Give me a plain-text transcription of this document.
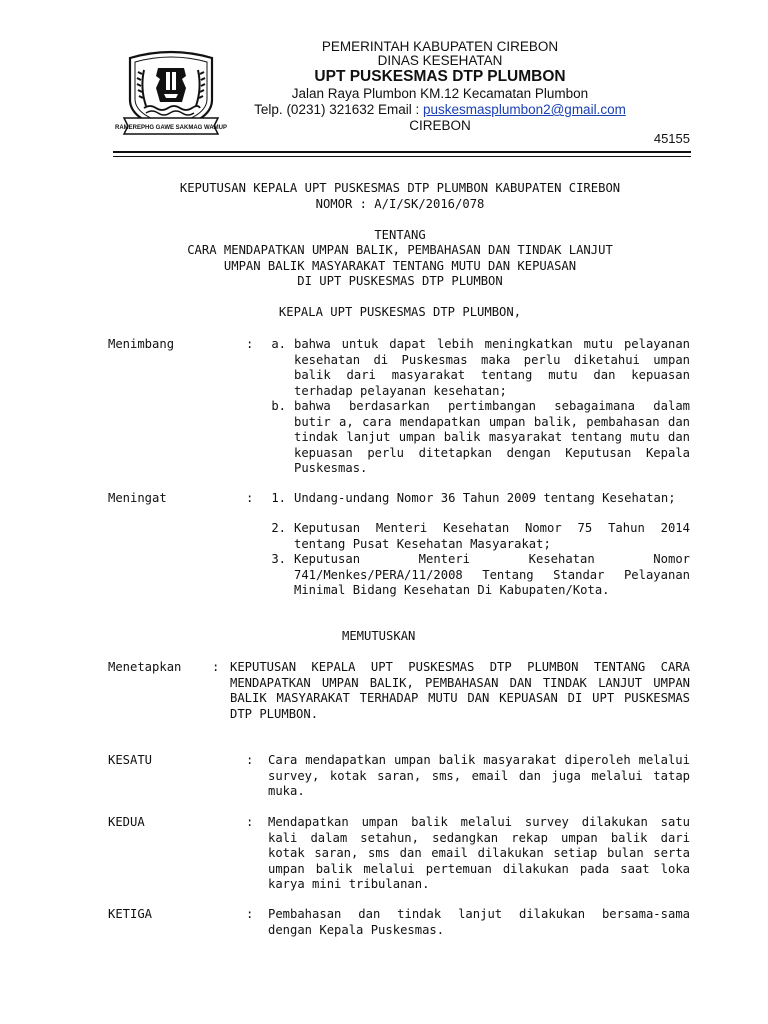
RAMEREPHG GAWE SAKMAG WAMUP
PEMERINTAH KABUPATEN CIREBON
DINAS KESEHATAN
UPT PUSKESMAS DTP PLUMBON
Jalan Raya Plumbon KM.12 Kecamatan Plumbon
Telp. (0231) 321632 Email : puskesmasplumbon2@gmail.com
CIREBON
45155
KEPUTUSAN KEPALA UPT PUSKESMAS DTP PLUMBON KABUPATEN CIREBON
NOMOR : A/I/SK/2016/078
TENTANG
CARA MENDAPATKAN UMPAN BALIK, PEMBAHASAN DAN TINDAK LANJUT
UMPAN BALIK MASYARAKAT TENTANG MUTU DAN KEPUASAN
DI UPT PUSKESMAS DTP PLUMBON
KEPALA UPT PUSKESMAS DTP PLUMBON,
Menimbang	:	a. bahwa untuk dapat lebih meningkatkan mutu pelayanan kesehatan di Puskesmas maka perlu diketahui umpan balik dari masyarakat tentang mutu dan kepuasan terhadap pelayanan kesehatan;
b. bahwa berdasarkan pertimbangan sebagaimana dalam butir a, cara mendapatkan umpan balik, pembahasan dan tindak lanjut umpan balik masyarakat tentang mutu dan kepuasan perlu ditetapkan dengan Keputusan Kepala Puskesmas.
Meningat	:	1. Undang-undang Nomor 36 Tahun 2009 tentang Kesehatan;
2. Keputusan Menteri Kesehatan Nomor 75 Tahun 2014 tentang Pusat Kesehatan Masyarakat;
3. Keputusan Menteri Kesehatan Nomor 741/Menkes/PERA/11/2008 Tentang Standar Pelayanan Minimal Bidang Kesehatan Di Kabupaten/Kota.
MEMUTUSKAN
Menetapkan	: KEPUTUSAN KEPALA UPT PUSKESMAS DTP PLUMBON TENTANG CARA MENDAPATKAN UMPAN BALIK, PEMBAHASAN DAN TINDAK LANJUT UMPAN BALIK MASYARAKAT TERHADAP MUTU DAN KEPUASAN DI UPT PUSKESMAS DTP PLUMBON.
KESATU	: Cara mendapatkan umpan balik masyarakat diperoleh melalui survey, kotak saran, sms, email dan juga melalui tatap muka.
KEDUA	: Mendapatkan umpan balik melalui survey dilakukan satu kali dalam setahun, sedangkan rekap umpan balik dari kotak saran, sms dan email dilakukan setiap bulan serta umpan balik melalui pertemuan dilakukan pada saat loka karya mini tribulanan.
KETIGA	: Pembahasan dan tindak lanjut dilakukan bersama-sama dengan Kepala Puskesmas.
